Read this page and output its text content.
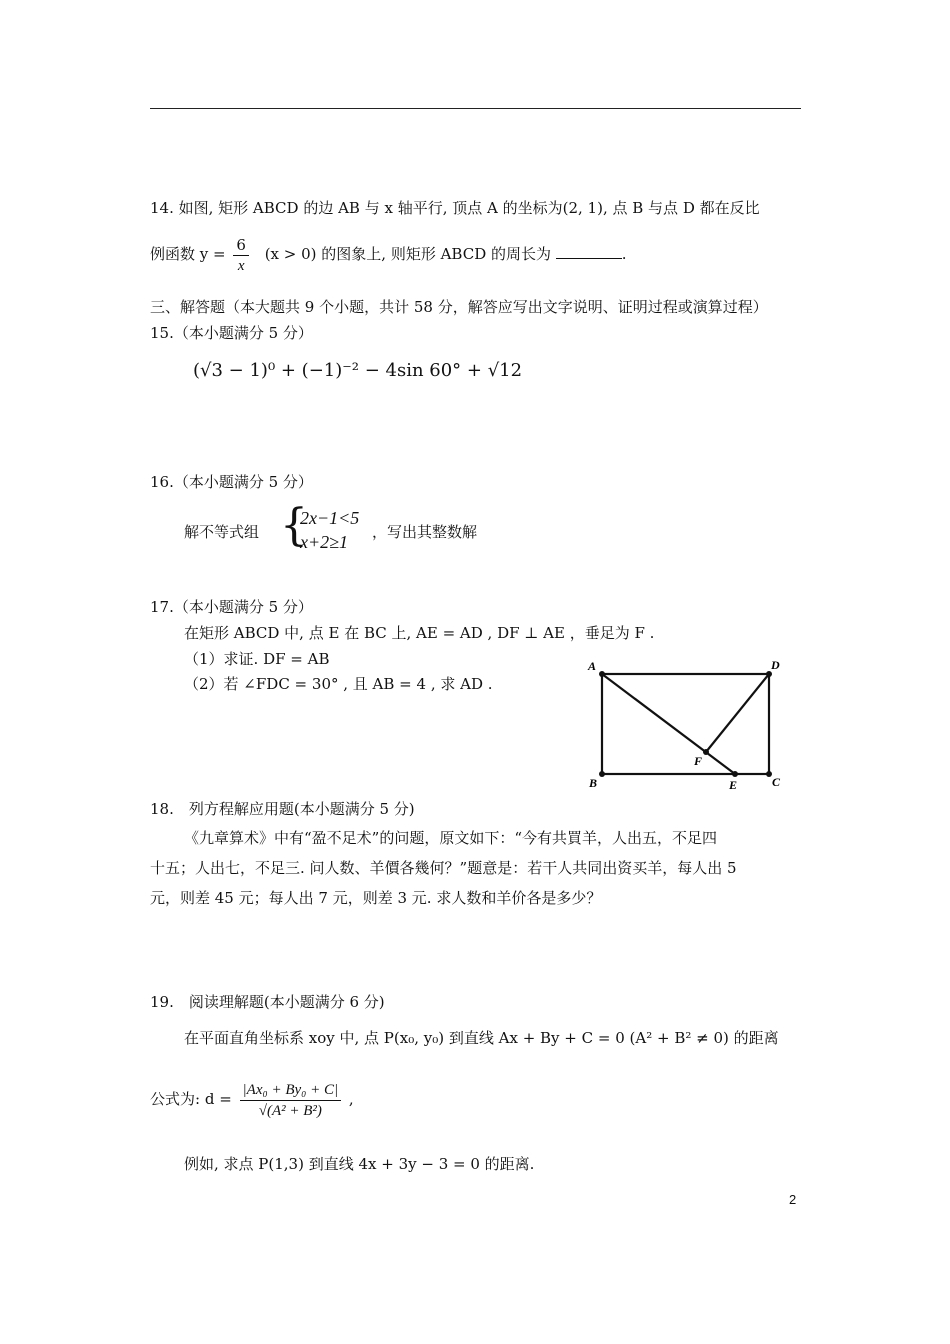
14. 如图, 矩形 ABCD 的边 AB 与 x 轴平行, 顶点 A 的坐标为(2, 1), 点 B 与点 D 都在反比
例函数 $y = \frac{6}{x} (x > 0)$ 的图象上, 则矩形 ABCD 的周长为	.
三、解答题（本大题共 9 个小题，共计 58 分，解答应写出文字说明、证明过程或演算过程）
15.（本小题满分 5 分）
(√3 − 1)⁰ + (−1)⁻² − 4sin 60° + √12
16.（本小题满分 5 分）
解不等式组 {
2x−1<5
x+2≥1 ，写出其整数解
17.（本小题满分 5 分）
在矩形 ABCD 中, 点 E 在 BC 上, AE = AD , DF ⊥ AE ，垂足为 F .
（1）求证. DF = AB
（2）若 ∠FDC = 30° , 且 AB = 4 , 求 AD .
A	D
B	C
E
F
18.　列方程解应用题(本小题满分 5 分)
《九章算术》中有“盈不足术”的问题，原文如下：“今有共買羊，人出五，不足四
十五；人出七，不足三. 问人数、羊價各幾何？”题意是：若干人共同出资买羊，每人出 5
元，则差 45 元；每人出 7 元，则差 3 元. 求人数和羊价各是多少？
19.　阅读理解题(本小题满分 6 分)
在平面直角坐标系 xoy 中, 点 P(x₀, y₀) 到直线 Ax + By + C = 0 (A² + B² ≠ 0) 的距离
公式为: $d = \frac{\text{|Ax₀ + By₀ + C|}}{\text{√(A² + B²)}}$ ,
例如, 求点 P(1,3) 到直线 4x + 3y − 3 = 0 的距离.
2
